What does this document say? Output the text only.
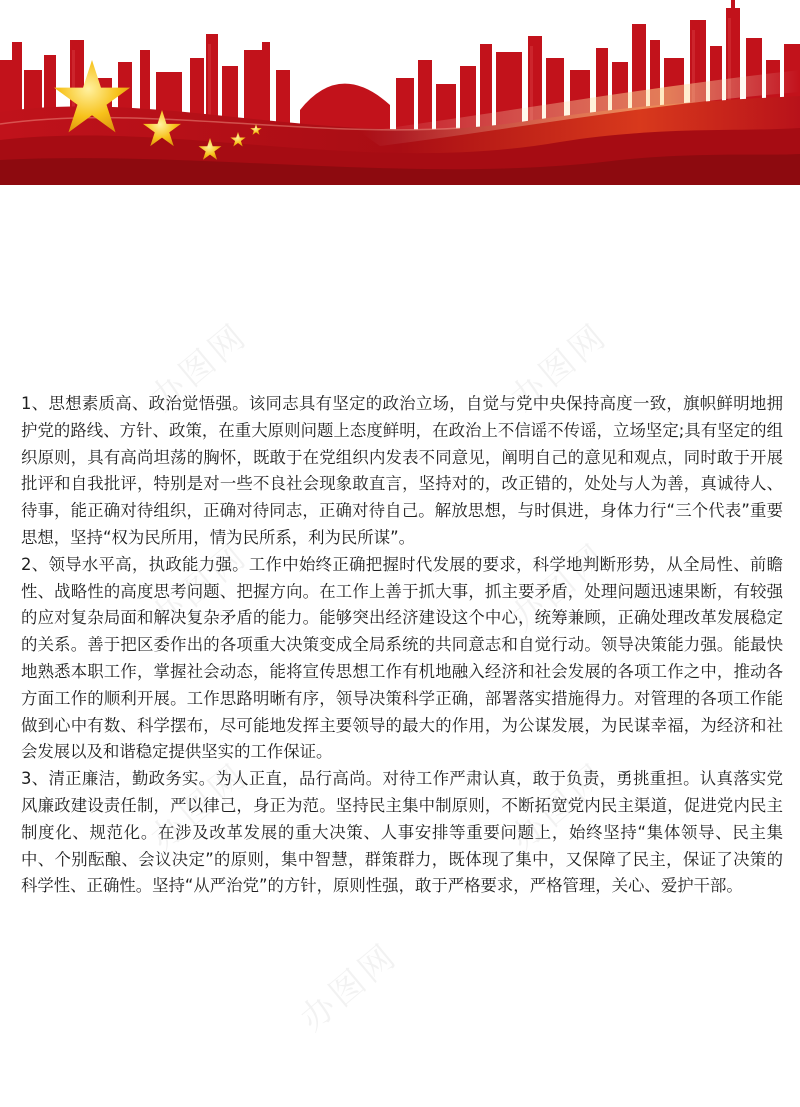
办图网	办图网
办图网	办图网
办图网	办图网
办图网

1、思想素质高、政治觉悟强。该同志具有坚定的政治立场，自觉与党中央保持高度一致，旗帜鲜明地拥护党的路线、方针、政策，在重大原则问题上态度鲜明，在政治上不信谣不传谣，立场坚定;具有坚定的组织原则，具有高尚坦荡的胸怀，既敢于在党组织内发表不同意见，阐明自己的意见和观点，同时敢于开展批评和自我批评，特别是对一些不良社会现象敢直言，坚持对的，改正错的，处处与人为善，真诚待人、待事，能正确对待组织，正确对待同志，正确对待自己。解放思想，与时俱进，身体力行“三个代表”重要思想，坚持“权为民所用，情为民所系，利为民所谋”。

2、领导水平高，执政能力强。工作中始终正确把握时代发展的要求，科学地判断形势，从全局性、前瞻性、战略性的高度思考问题、把握方向。在工作上善于抓大事，抓主要矛盾，处理问题迅速果断，有较强的应对复杂局面和解决复杂矛盾的能力。能够突出经济建设这个中心，统筹兼顾，正确处理改革发展稳定的关系。善于把区委作出的各项重大决策变成全局系统的共同意志和自觉行动。领导决策能力强。能最快地熟悉本职工作，掌握社会动态，能将宣传思想工作有机地融入经济和社会发展的各项工作之中，推动各方面工作的顺利开展。工作思路明晰有序，领导决策科学正确，部署落实措施得力。对管理的各项工作能做到心中有数、科学摆布，尽可能地发挥主要领导的最大的作用，为公谋发展，为民谋幸福，为经济和社会发展以及和谐稳定提供坚实的工作保证。

3、清正廉洁，勤政务实。为人正直，品行高尚。对待工作严肃认真，敢于负责，勇挑重担。认真落实党风廉政建设责任制，严以律己，身正为范。坚持民主集中制原则，不断拓宽党内民主渠道，促进党内民主制度化、规范化。在涉及改革发展的重大决策、人事安排等重要问题上，始终坚持“集体领导、民主集中、个别酝酿、会议决定”的原则，集中智慧，群策群力，既体现了集中，又保障了民主，保证了决策的科学性、正确性。坚持“从严治党”的方针，原则性强，敢于严格要求，严格管理，关心、爱护干部。
